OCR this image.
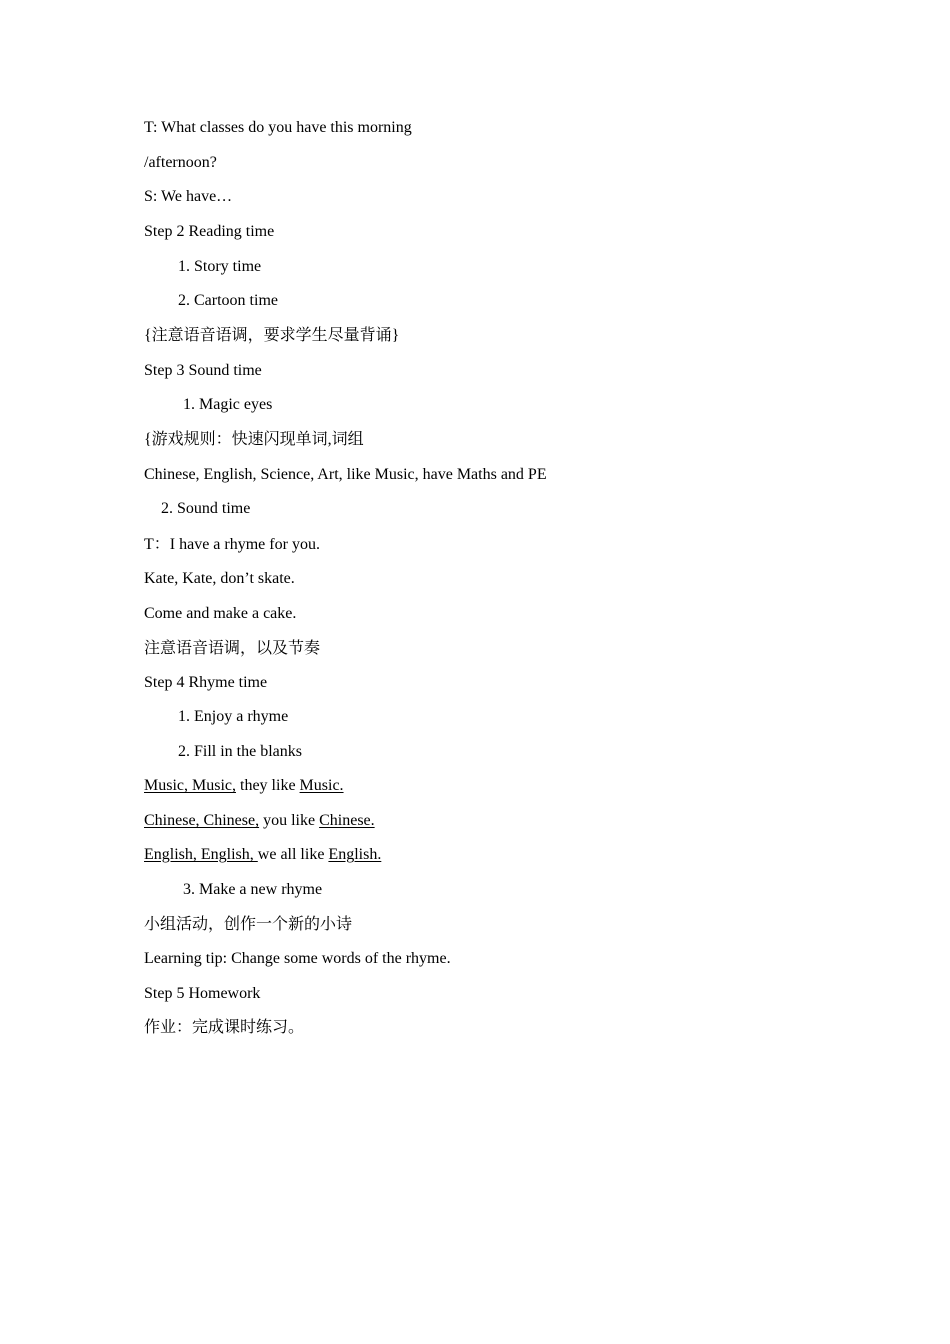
T: What classes do you have this morning
/afternoon?
S: We have…
Step 2 Reading time
1. Story time
2. Cartoon time
{注意语音语调，要求学生尽量背诵}
Step 3 Sound time
1. Magic eyes
{游戏规则：快速闪现单词,词组
Chinese, English, Science, Art, like Music, have Maths and PE
2. Sound time
T：I have a rhyme for you.
Kate, Kate, don’t skate.
Come and make a cake.
注意语音语调，以及节奏
Step 4 Rhyme time
1. Enjoy a rhyme
2. Fill in the blanks
Music, Music, they like Music.
Chinese, Chinese, you like Chinese.
English, English, we all like English.
3. Make a new rhyme
小组活动，创作一个新的小诗
Learning tip: Change some words of the rhyme.
Step 5 Homework
作业：完成课时练习。
